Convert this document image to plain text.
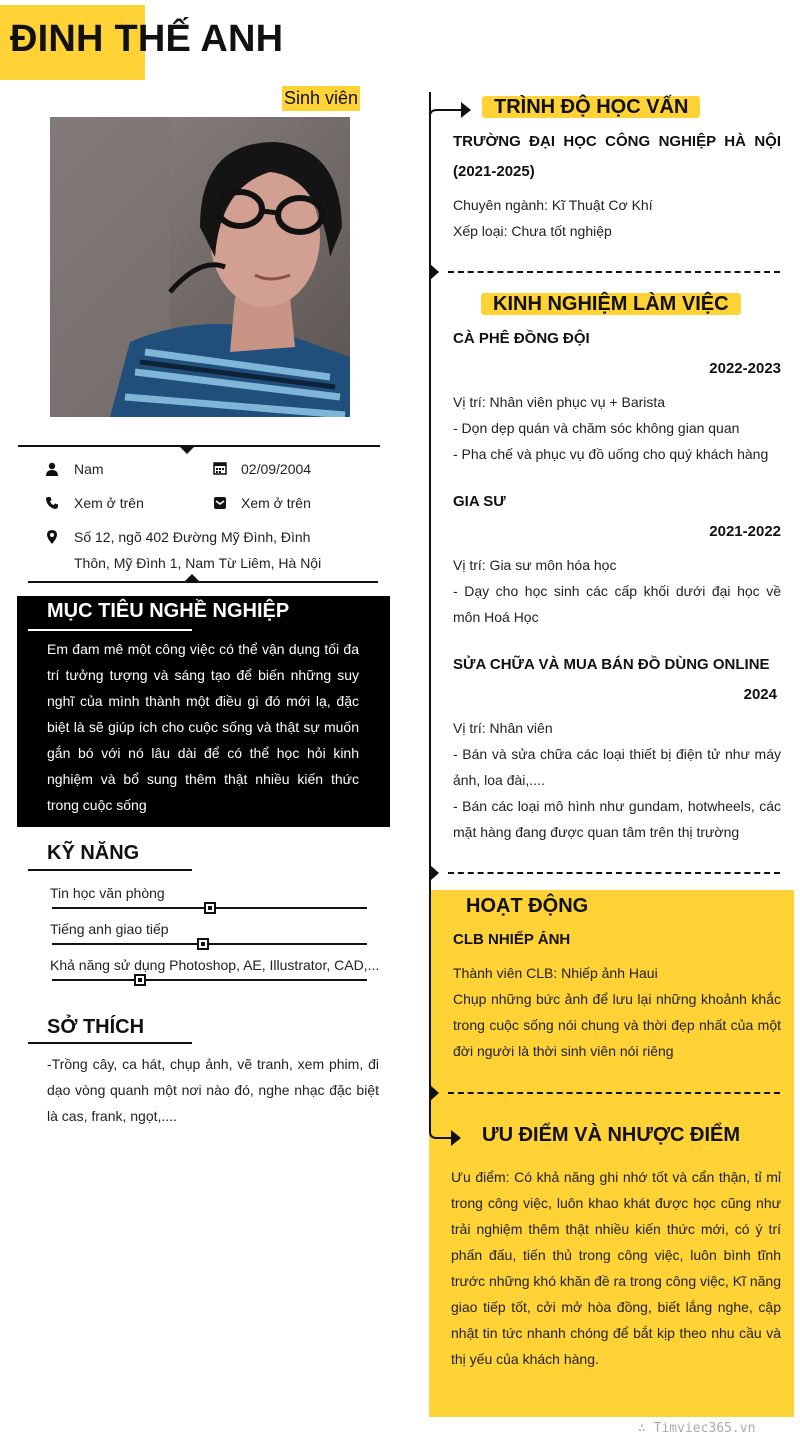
ĐINH THẾ ANH
Sinh viên
Nam	02/09/2004
Xem ở trên	Xem ở trên
Số 12, ngõ 402 Đường Mỹ Đình, Đình
Thôn, Mỹ Đình 1, Nam Từ Liêm, Hà Nội
MỤC TIÊU NGHỀ NGHIỆP
Em đam mê một công việc có thể vận dụng tối đa trí tưởng tượng và sáng tạo để biến những suy nghĩ của mình thành một điều gì đó mới lạ, đặc biệt là sẽ giúp ích cho cuộc sống và thật sự muốn gắn bó với nó lâu dài để có thể học hỏi kinh nghiệm và bổ sung thêm thật nhiều kiến thức trong cuộc sống
KỸ NĂNG
Tin học văn phòng
Tiếng anh giao tiếp
Khả năng sử dụng Photoshop, AE, Illustrator, CAD,...
SỞ THÍCH
-Trồng cây, ca hát, chụp ảnh, vẽ tranh, xem phim, đi dạo vòng quanh một nơi nào đó, nghe nhạc đặc biệt là cas, frank, ngọt,....
TRÌNH ĐỘ HỌC VẤN
TRƯỜNG ĐẠI HỌC CÔNG NGHIỆP HÀ NỘI
(2021-2025)
Chuyên ngành: Kĩ Thuật Cơ Khí
Xếp loại: Chưa tốt nghiệp
KINH NGHIỆM LÀM VIỆC
CÀ PHÊ ĐỒNG ĐỘI
2022-2023
Vị trí: Nhân viên phục vụ + Barista
- Dọn dẹp quán và chăm sóc không gian quan
- Pha chế và phục vụ đồ uống cho quý khách hàng
GIA SƯ
2021-2022
Vị trí: Gia sư môn hóa học
- Dạy cho học sinh các cấp khối dưới đại học về môn Hoá Học
SỬA CHỮA VÀ MUA BÁN ĐỒ DÙNG ONLINE
2024
Vị trí: Nhân viên
- Bán và sửa chữa các loại thiết bị điện tử như máy ảnh, loa đài,....
- Bán các loại mô hình như gundam, hotwheels, các mặt hàng đang được quan tâm trên thị trường
HOẠT ĐỘNG
CLB NHIẾP ẢNH
Thành viên CLB: Nhiếp ảnh Haui
Chụp những bức ảnh để lưu lại những khoảnh khắc trong cuộc sống nói chung và thời đẹp nhất của một đời người là thời sinh viên nói riêng
ƯU ĐIỂM VÀ NHƯỢC ĐIỂM
Ưu điểm: Có khả năng ghi nhớ tốt và cẩn thận, tỉ mỉ trong công việc, luôn khao khát được học cũng như trải nghiệm thêm thật nhiều kiến thức mới, có ý trí phấn đấu, tiến thủ trong công việc, luôn bình tĩnh trước những khó khăn đề ra trong công việc, Kĩ năng giao tiếp tốt, cởi mở hòa đồng, biết lắng nghe, cập nhật tin tức nhanh chóng để bắt kịp theo nhu cầu và thị yếu của khách hàng.
∴ Timviec365.vn
